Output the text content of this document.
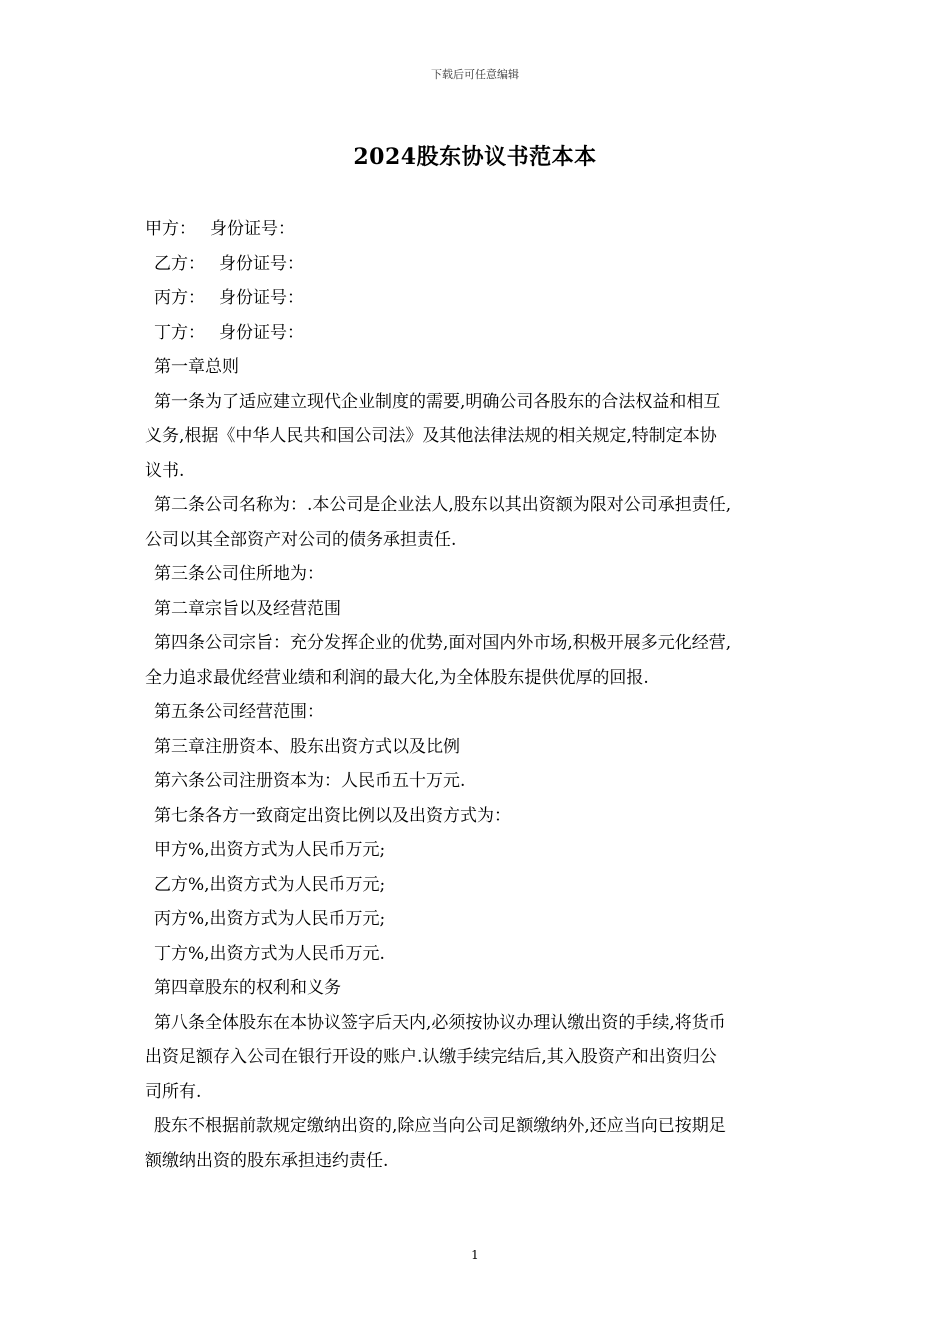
下载后可任意编辑
2024股东协议书范本本
甲方： 身份证号：
乙方： 身份证号：
丙方： 身份证号：
丁方： 身份证号：
第一章总则
第一条为了适应建立现代企业制度的需要,明确公司各股东的合法权益和相互
义务,根据《中华人民共和国公司法》及其他法律法规的相关规定,特制定本协
议书.
第二条公司名称为：.本公司是企业法人,股东以其出资额为限对公司承担责任,
公司以其全部资产对公司的债务承担责任.
第三条公司住所地为：
第二章宗旨以及经营范围
第四条公司宗旨：充分发挥企业的优势,面对国内外市场,积极开展多元化经营,
全力追求最优经营业绩和利润的最大化,为全体股东提供优厚的回报.
第五条公司经营范围：
第三章注册资本、股东出资方式以及比例
第六条公司注册资本为：人民币五十万元.
第七条各方一致商定出资比例以及出资方式为：
甲方%,出资方式为人民币万元;
乙方%,出资方式为人民币万元;
丙方%,出资方式为人民币万元;
丁方%,出资方式为人民币万元.
第四章股东的权利和义务
第八条全体股东在本协议签字后天内,必须按协议办理认缴出资的手续,将货币
出资足额存入公司在银行开设的账户.认缴手续完结后,其入股资产和出资归公
司所有.
股东不根据前款规定缴纳出资的,除应当向公司足额缴纳外,还应当向已按期足
额缴纳出资的股东承担违约责任.
1
